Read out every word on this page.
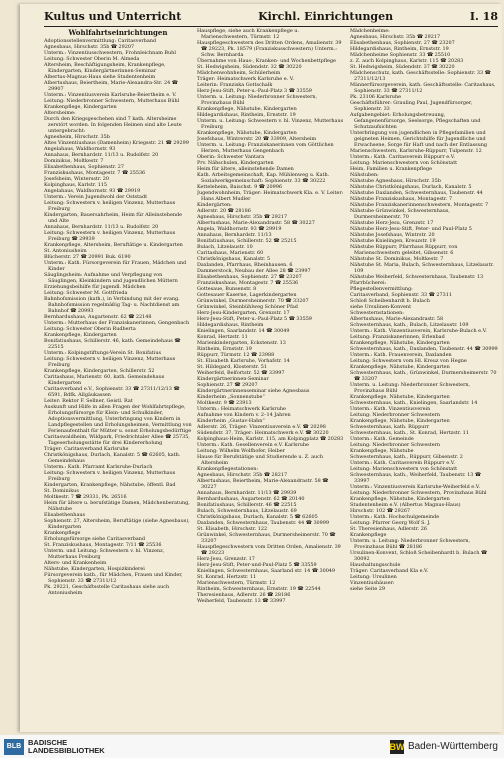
Kultus und Unterricht	Kirchl. Einrichtungen	I. 18
Wohlfahrtseinrichtungen

Adoptionsstellenvermittlung: Caritasverband

Agnesbaus, Hirschstr. 35b ☎ 29207

Unterm.: Vinzentiusschwestern, Frohnleichnam Buhl

Leitung: Schwester Oberin M. Almeda

Altersheim, Beschäftigungsheim, Krankenpflege, Kindergarten, Kindergärtnerinnen-Seminar

Albertus-Magnus-Haus siehe Studentenheim

Albertushaus, Beiertheim, Marie-Alexandra-Str. 24 ☎ 29907

Unterm.: Vinzentiusverein Karlsruhe-Beiertheim e. V.

Leitung: Niederbronner Schwestern, Mutterhaus Bühl

Krankenpflege, Kindergarten

Altersheime:

Durch den Kriegsgeschehen sind 7 kath. Altersheime zerstört worden. In folgenden Heimen sind alte Leute untergebracht:

Agnesheim, Hirschstr. 35b

Altes Vinzentiushaus (Damenheim) Kriegsstr. 21 ☎ 29299

Angelahaus, Waldhornstr. 93

Annahaus, Bernhardstr. 11/13 u. Rudolfstr. 20

Dominikus, Moltkestr. 7

Elisabethenhaus, Sophienstr. 27

Franziskushaus, Montagestr. 7 ☎ 25536

Josefsheim, Wintersstr. 20

Kolpinghaus, Karlstr. 115

Angelahaus, Waldhornstr. 93 ☎ 29919

Unterm.: Verein Jugendwohl der Oststadt

Leitung: Schwestern v. heiligen Vinzenz, Mutterhaus Freiburg

Kindergarten, Bauersahrheim, Heim für Alleinstehende und Alte

Annahaus, Bernhardstr. 11/13 u. Rudolfstr. 20

Leitung: Schwestern v. heiligen Vinzenz, Mutterhaus Freiburg ☎ 29939

Krankenpflege, Altersheim, Beruftätige u. Kindergarten

St. Antoniusheim

Blücherstr. 27 ☎ 20991 Buk. 6190

Unterm.: Kath. Fürsorgeverein für Frauen, Mädchen und Kinder

Säuglingsheim: Aufnahme und Verpflegung von Säuglingen, Kleinkindern und jugendlichen Müttern

Erziehungsbeihilfe für jugendl. Mädchen

Leitung: Schwester M. Gottfrieda

Bahnhofsmission (kath.), in Verbindung mit der evang. Bahnhofsmission regelmäßig Tag- u. Nachtdienst am Bahnhof ☎ 20993

Bernhardushaus, Augartenstr. 62 ☎ 22148

Unterm.: Mutterhaus der Franziskanerinnen, Gengenbach

Leitung: Schwester Oberin Rudberta

Krankenpflege, Kindergarten

Bonifatiushaus, Schillerstr. 46, kath. Gemeindehaus ☎ 22515

Unterm.: Kolpingstiftungs-Verein St. Bonifatius

Leitung: Schwestern v. heiligen Vinzenz, Mutterhaus Freiburg

Krankenpflege, Kindergarten, Schillerstr. 52

Caritashaus, Marienstr. 60, kath. Gemeindehaus Kindergarten

Caritasverband e.V., Sophienstr. 33 ☎ 27311/12/13 ☎ 6591, Bdfk. Allgäukassen

Leiter: Rektor F. Sellner, Geistl. Rat

Auskunft und Hilfe in allen Fragen der Wohlfahrtspflege, Erholungsfürsorge für Klein- und Schulkinder, Adoptionsvermittlung, Unterbringung von Kindern in Landpflegestellen und Erholungsheimen, Vermittlung von Ferienaufenthalt für Mütter u. sonst Erholungsbedürftige

Caritaswaldheim, Wildpark, Friedrichtaler Allee ☎ 25735, Tageserholungsstätte für drei Kindererholung

Träger: Caritasverband Karlsruhe

Christkönigshaus, Durlach, Kanalstr. 5 ☎ 62605, kath. Gemeindehaus

Unterm.: Kath. Pfarramt Karlsruhe-Durlach

Leitung: Schwestern v. heiligen Vinzenz, Mutterhaus Freiburg

Kindergarten, Krankenpflege, Nähstube, öffentl. Bad

St. Dominikus

Moltkestr. 7 ☎ 29331, Pk. 26516

Heim für ältere u. berufstätige Damen, Mädchenberatung, Nähstube

Elisabethenhaus

Sophienstr. 27, Altersheim, Beruftätige (siehe Agnesbaus), Kindergarten

Krankenpflege

Erholungsfürsorge siehe Caritasverband

St. Franziskushaus, Montagestr. 7/11 ☎ 25536

Unterm. und Leitung: Schwestern v. hl. Vinzenz, Mutterhaus Freiburg

Alters- und Krankenheim

Nähstube, Kindergarten, Hospizkinderei

Fürsorgeverein kath., für Mädchen, Frauen und Kinder, Sophienstr. 33 ☎ 27311/12

Pk. 29221, Geschäftsstelle Caritashaus siehe auch Antoniusheim

Hauspflege, siehe auch Krankenpflege u. Marienschwestern, Türmstr. 12

Hauspflegeschwestern des Dritten Ordens, Amalienstr. 39 ☎ 29223, Pk. 18579 (Franziskusschwestern) Unterm.: Schw. Bernharda

Übernahme von Haus-, Kranken- und Wochenbettpflege

St. Hedwigsheim, Südendstr. 32 ☎ 30220

Mädchenwohnheim, Schülerheim

Träger: Heimatschwerk Karlsruhe e. V.

Leiterin: Franziska Gottschalk

Herz-Jesu-Stift, Peter-u.-Paul-Platz 3 ☎ 33559

Unterm. u. Leitung: Niederbronner Schwestern, Provinzhaus Bühl

Krankenpflege, Nähstube, Kindergarten

Hildegardishaus, Rintheim, Ernststr. 19

Unterm. u. Leitung: Schwestern v. hl. Vinzenz, Mutterhaus Freiburg

Krankenpflege, Nähstube, Kindergarten

Josefshaus, Wintrerstr. 20 ☎ 33909, Altersheim

Unterm. u. Leitung: Franziskanerinnen vom Göttlichen Herzen, Mutterhaus Gengenbach

Oberin: Schwester Vantara

Prv. Nähschulen, Kindergarten

Heim für ältere, alleinstehende Damen

Kath. Arbeitsgemeinschaft, Kap. Mühlenweg u. Kath. Sozialwerkgemeinschaft: Sophienstr. 33 ☎ 30222

Ketteleheim, Baischst. 9 ☎ 20996

Jugendwohnheim, Träger: Heimatschwerk Kla. e. V. Leiter: Hans Albert Mudler

Kindergärten:

Adlerstr. 20 ☎ 28186

Agnesbaus, Hirschstr. 35b ☎ 29217

Albertushaus, Marie-Alexandrastr. 58 ☎ 30227

Angela, Waldhornstr. 93 ☎ 29919

Annahaus, Bernhardstr. 11/13

Bonifatiushaus, Schillerstr. 52 ☎ 25215

Bulach, Litzelaustr. 10

Caritashaus, Marienstr. 60

Christkönigshaus, Kanalstr. 5

Daxlanden, Pfarrhaus, Rheinhausen. 6

Dammerstock, Neubau der Allee 28 ☎ 23997

Elisabethenhaus, Sophienstr. 27 ☎ 23207

Franziskushaus, Montagestr. 7 ☎ 25536

Gottesaue, Bunsenstr. 8

Gottesauer Kaserne, Lagerkindergarten

Grünwinkel, Durmersheimerstr. 70 ☎ 33207

Grünwinkel, Steinbühlweg Schöner Pfad

Herz-Jesu-Kindergarten, Grenzstr. 17

Herz-Jesu-Stift, Peter-u.-Paul-Platz 5 ☎ 33559

Hildegardishaus, Rintheim

Knielingen, Saarlandstr. 14 ☎ 30049

Konrad, Hertzstr. 11

Marienkindergarten, Eckstenstr. 13

Rintheim, Ernststr. 19

Rüppurr, Türmstr. 12 ☎ 23988

St. Elisabeth Karlsruhe, Vorhafstr. 14

St. Hildegard, Klosterstr. 51

Weiherfeld, Belfortstr. 52 ☎ 33997

Kindergärtnerinnen-Seminar

Sophienstr. 27 ☎ 29207

Kindergärtnerinnenseminar siehe Agnesbaus

Kinderheim „Sonnenstube“

Moltkestr. 9 ☎ 23913

Unterm.: Heimatschwerk Karlsruhe

Aufnahme von Kindern v. 2–14 Jahren

Kinderheim „Gustav-Hahn“

Adlerstr. 26, Träger: Vinzentiusverein e.V. ☎ 20298

Südendstr. 37, Träger: Heimatschwerk e.V. ☎ 30220

Kolpinghaus-Heim, Karlstr. 115, am Kolpingplatz ☎ 20283

Unterm.: Kath. Gesellenverein e.V. Karlsruhe

Leitung: Wilhelm Wolfhofer, Heiber

Hause für Berufstätige und Studierende u. Z. auch Altersheim

Krankenpflegestationen:

Agnesbaus, Hirschstr. 35b ☎ 28217

Albertushaus, Beiertheim, Marie-Alexandrastr. 58 ☎ 30227

Annahaus, Bernhardstr. 11/13 ☎ 29939

Bernhardushaus, Augartenstr. 62 ☎ 20140

Bonifatiushaus, Schillerstr. 46 ☎ 22515

Bulach, Schwesternhaus, Litzelaustr. 69

Christkönigshaus, Durlach, Kanalstr. 5 ☎ 62605

Daxlanden, Schwesternhaus, Taubenstr. 44 ☎ 30999

St. Elisabeth, Hirschstr. 122

Grünwinkel, Schwesternhaus, Durmersheimerstr. 70 ☎ 33207

Hauspflegeschwestern vom Dritten Orden, Amalienstr. 39 ☎ 29223

Herz-Jesu, Grenzstr. 17

Herz-Jesu-Stift, Peter-und-Paul-Platz 5 ☎ 33559

Knielingen, Schwesternhaus, Saarland str. 14 ☎ 30049

St. Konrad, Hertzstr. 11

Marienschwestern, Türmstr. 12

Rintheim, Schwesternhaus, Ernststr. 19 ☎ 22544

Theresienhaus, Adlerstr. 26 ☎ 28186

Weiherfeld, Taubenstr. 13 ☎ 33997

Mädchenheime:

Agnesbaus, Hirschstr. 35b ☎ 29217

Elisabethenhaus, Sophienstr. 27 ☎ 23207

Hildegardishaus, Rintheim, Ernststr. 19

Mädchenheime Sophienstr. 33 ☎ 25510

z. Z. auch Kolpinghaus, Karlstr. 115 ☎ 20283

St. Hedwigsheim, Südendstr. 37 ☎ 30220

Mädchenschutz, kath. Geschäftsstelle: Sophienstr. 33 ☎ 27311/12/13

Männerfürsorgeverein, kath. Geschäftsstelle: Caritashaus, Sophienstr. 33 ☎ 27311/12

Pk. 23106 Karlsruhe

Geschäftsführer: Grauling Paul, Jugendfürsorger, Sophienstr. 33

Aufgabengebiet: Erholungsbetreuung, Gefangenenfürsorge, Seelsorge, Pflegschaften und Schutzaufsichten

Unterbringung von jugendlichen in Pflegefamilien und geigneten Heimen, Gerichtshilfe für Jugendliche und Erwachsene, Sorge für Haft und nach der Entlassung

Marienschwestern, Karlsruhe-Rüppurr, Tulpenstr. 12

Unterm.: Kath. Caritasverein Rüppurr e.V.

Leitung: Marienschwestern von Schönstatt

Heim, Familien u. Krankenpflege

Nähstuben:

Nähstube Agnesbaus, Hirschstr. 35b

Nähstube Christkönigshaus, Durlach, Kanalstr. 5

Nähstube Daxlanden, Schwesternhaus, Taubenstr. 44

Nähstube Franziskushaus, Montagestr. 7

Nähstube Franziskanerinnenschwestern, Montagestr. 7

Nähstube Grünwinkel, Schwesternhaus, Durmersheimerstr. 70

Nähstube Herz-Jesu, Grenzstr. 17

Nähstube Herz-Jesu-Stift, Peter- und Paul-Platz 5

Nähstube Josefshaus, Wintrstr. 20

Nähstube Knielingen, Kreuzstr. 19

Nähstube Rüppurr, Pfarrhaus Rüppurr, von Marienschwestern geleitet, Gibsenstr. 6

Nähstube St. Dominikus, Moltkestr. 7

Nähstube St. Maria, Bulach, Schwesternhaus, Litzelaustr. 109

Nähstube Weiherfeld, Schwesternhaus, Taubenstr. 13

Pfarrbücherei:

Pflegestellenvermittlung:

Caritasverband, Sophienstr. 33 ☎ 27311

Schloß Scheibenhardt b. Bulach

siehe Ursulinen-Konvent

Schwesternstationen:

Albertushaus, Marie-Alexandrastr. 58

Schwesternhaus, kath., Bulach, Litzelaustr. 109

Unterm.: Kath. Vinzentiusverein, Karlsruhe-Bulach e.V.

Leitung: Franziskanerinnen, Erlenbad

Krankenpflege, Nähstube, Kindergarten

Schwesternhaus, kath., Daxlanden, Taubenstr. 44 ☎ 30999

Unterm.: Kath. Frauenverein, Daxlanden

Leitung: Schwestern vom Hl. Kreuz von Hegne

Krankenpflege, Nähstube, Kindergarten

Schwesternhaus, kath., Grünwinkel, Durmersheimerstr. 70 ☎ 33207

Unterm. u. Leitung: Niederbronner Schwestern, Provinzhaus Bühl

Krankenpflege, Nähstube, Kindergarten

Schwesternhaus, kath., Knielingen, Saarlandstr. 14

Unterm.: Kath. Vinzentiusverein

Leitung: Niederbronner Schwestern

Krankenpflege, Nähstube, Kindergarten

Schwesternhaus, kath. Rüppurr

Schwesternhaus, kath., St. Konrad, Hertzstr. 11

Unterm.: Kath. Gemeinde

Leitung: Niederbronner Schwestern

Krankenpflege, Nähstube

Schwesternhaus, kath., Rüppurr, Gibsenstr. 2

Unterm.: Kath. Caritasverein Rüppurr e.V.

Leitung: Marienschwestern von Schönstatt

Schwesternhaus, kath., Weiherfeld, Taubenstr. 13 ☎ 33997

Unterm.: Vinzentiusverein Karlsruhe-Weiherfeld e.V.

Leitung: Niederbronner Schwestern, Provinzhaus Bühl

Krankenpflege, Nähstube, Kindergarten

Studentenheim e.V. (Albertus Magnus-Haus)

Hirschstr. 102 ☎ 29267

Unterm.: Kath. Hochschulgemeinde

Leitung: Pfarrer Georg Wolf S. J.

St. Theresienhaus, Adlerstr. 26

Krankenpflege

Unterm. u. Leitung: Niederbronner Schwestern, Provinzhaus Bühl ☎ 28186

Ursulinen-Konvent, Schloß Scheibenhardt b. Bulach ☎ 30092

Haushaltungsschule

Träger: Caritasverband Kla e.V.

Leitung: Ursulinen

Vinzentiushäuser:

siehe Seite 29

BLB BADISCHE
LANDESBIBLIOTHEK	BW Baden-Württemberg
